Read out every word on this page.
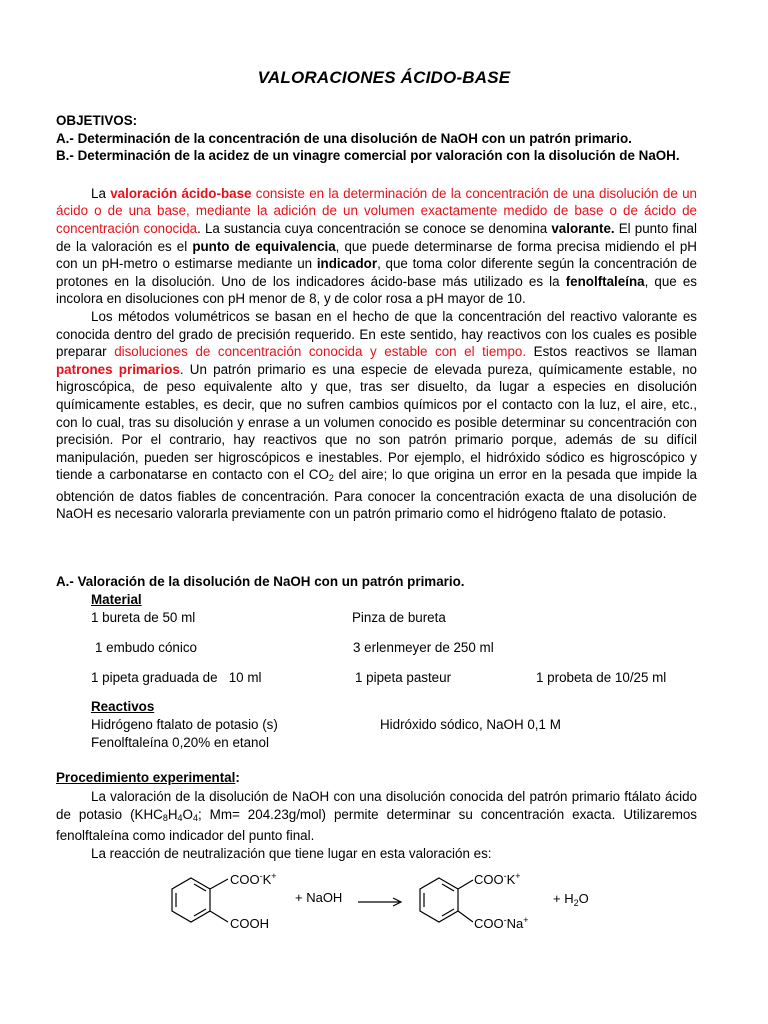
VALORACIONES ÁCIDO-BASE

OBJETIVOS:

A.- Determinación de la concentración de una disolución de NaOH con un patrón primario.

B.- Determinación de la acidez de un vinagre comercial por valoración con la disolución de NaOH.

La valoración ácido-base consiste en la determinación de la concentración de una disolución de un ácido o de una base, mediante la adición de un volumen exactamente medido de base o de ácido de concentración conocida. La sustancia cuya concentración se conoce se denomina valorante. El punto final de la valoración es el punto de equivalencia, que puede determinarse de forma precisa midiendo el pH con un pH-metro o estimarse mediante un indicador, que toma color diferente según la concentración de protones en la disolución. Uno de los indicadores ácido-base más utilizado es la fenolftaleína, que es incolora en disoluciones con pH menor de 8, y de color rosa a pH mayor de 10.

Los métodos volumétricos se basan en el hecho de que la concentración del reactivo valorante es conocida dentro del grado de precisión requerido. En este sentido, hay reactivos con los cuales es posible preparar disoluciones de concentración conocida y estable con el tiempo. Estos reactivos se llaman patrones primarios. Un patrón primario es una especie de elevada pureza, químicamente estable, no higroscópica, de peso equivalente alto y que, tras ser disuelto, da lugar a especies en disolución químicamente estables, es decir, que no sufren cambios químicos por el contacto con la luz, el aire, etc., con lo cual, tras su disolución y enrase a un volumen conocido es posible determinar su concentración con precisión. Por el contrario, hay reactivos que no son patrón primario porque, además de su difícil manipulación, pueden ser higroscópicos e inestables. Por ejemplo, el hidróxido sódico es higroscópico y tiende a carbonatarse en contacto con el $CO_2$ del aire; lo que origina un error en la pesada que impide la obtención de datos fiables de concentración. Para conocer la concentración exacta de una disolución de NaOH es necesario valorarla previamente con un patrón primario como el hidrógeno ftalato de potasio.

A.- Valoración de la disolución de NaOH con un patrón primario.
Material
1 bureta de 50 ml	Pinza de bureta
1 embudo cónico	3 erlenmeyer de 250 ml
1 pipeta graduada de   10 ml	1 pipeta pasteur	1 probeta de 10/25 ml
Reactivos
Hidrógeno ftalato de potasio (s)	Hidróxido sódico, NaOH 0,1 M
Fenolftaleína 0,20% en etanol
Procedimiento experimental:

La valoración de la disolución de NaOH con una disolución conocida del patrón primario ftálato ácido de potasio ($KHC_8H_4O_4$; Mm= 204.23g/mol) permite determinar su concentración exacta. Utilizaremos fenolftaleína como indicador del punto final.

La reacción de neutralización que tiene lugar en esta valoración es:

COO-K+
COOH
+ NaOH
COO-K+
COO-Na+
+ $H_2O$
